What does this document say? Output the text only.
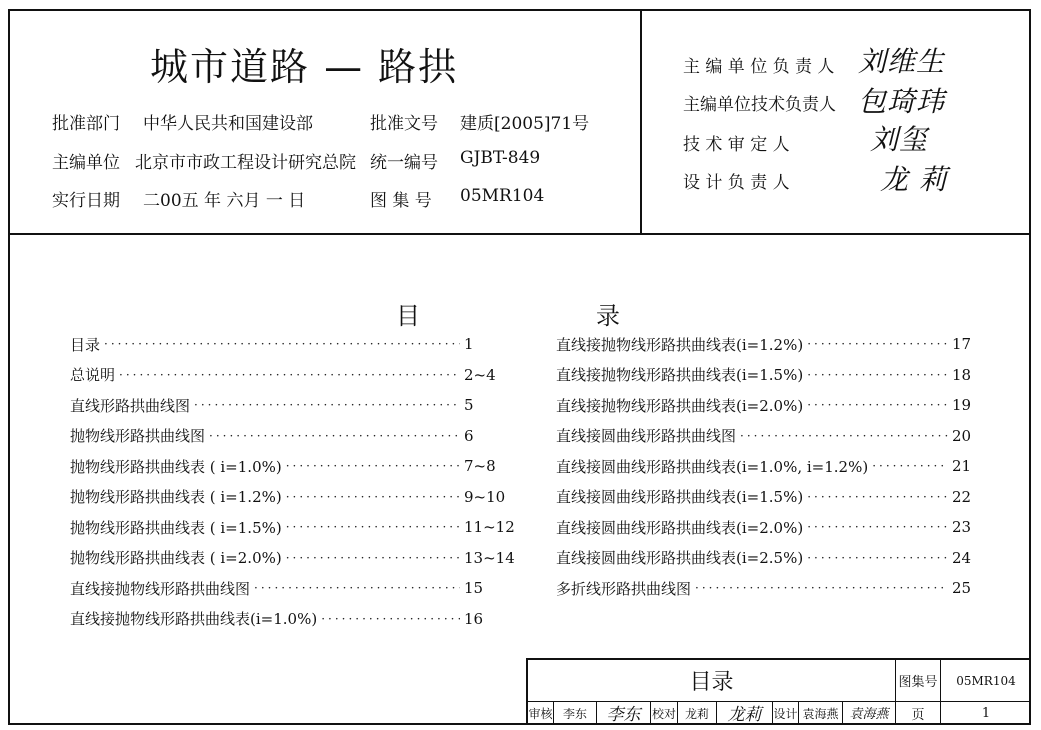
城市道路 — 路拱
批准部门 中华人民共和国建设部	批准文号 建质[2005]71号
主编单位 北京市市政工程设计研究总院 统一编号 GJBT-849
实行日期 二00五 年 六月 一 日	图 集 号 05MR104
主 编 单 位 负 责 人 刘维生
主编单位技术负责人 包琦玮
技 术 审 定 人	刘玺
设 计 负 责 人	龙 莉
目	录
目录 ·····	1
总说明 ·····	2~4
直线形路拱曲线图 ·····	5
抛物线形路拱曲线图 ·····	6
抛物线形路拱曲线表 ( i=1.0%) ·····	7~8
抛物线形路拱曲线表 ( i=1.2%) ·····	9~10
抛物线形路拱曲线表 ( i=1.5%) ·····	11~12
抛物线形路拱曲线表 ( i=2.0%) ·····	13~14
直线接抛物线形路拱曲线图 ·····	15
直线接抛物线形路拱曲线表(i=1.0%) ·····	16
直线接抛物线形路拱曲线表(i=1.2%) ·····	17
直线接抛物线形路拱曲线表(i=1.5%) ·····	18
直线接抛物线形路拱曲线表(i=2.0%) ·····	19
直线接圆曲线形路拱曲线图 ·····	20
直线接圆曲线形路拱曲线表(i=1.0%, i=1.2%) ·····	21
直线接圆曲线形路拱曲线表(i=1.5%) ·····	22
直线接圆曲线形路拱曲线表(i=2.0%) ·····	23
直线接圆曲线形路拱曲线表(i=2.5%) ·····	24
多折线形路拱曲线图 ·····	25
目录	图集号	05MR104
审核 李东	李东 校对 龙莉	龙莉 设计 袁海燕 袁海燕	页	1
